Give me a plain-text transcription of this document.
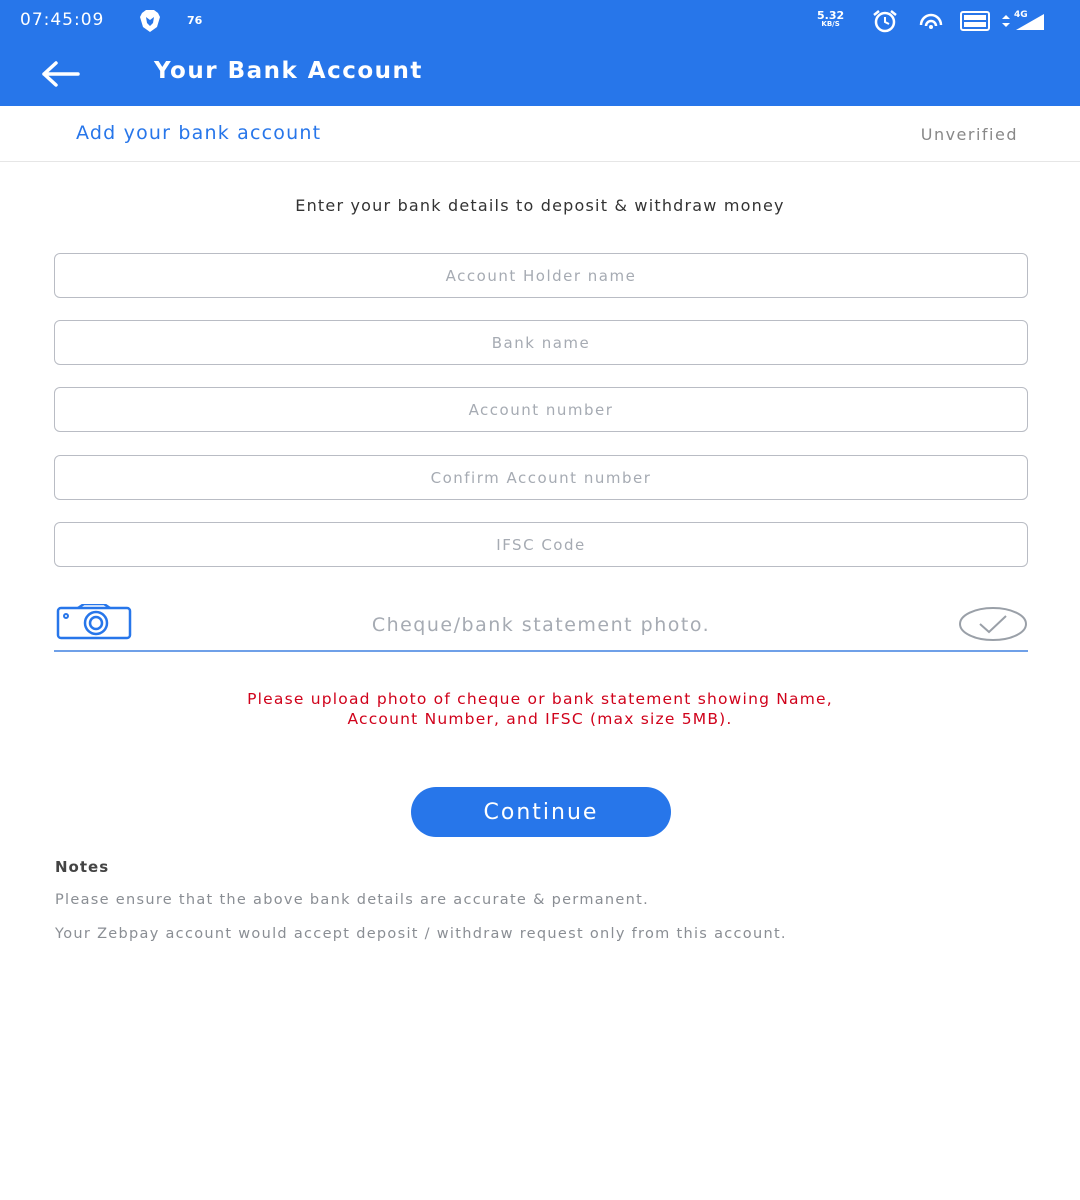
07:45:09	76	5.32
KB/S
4G
Your Bank Account
Add your bank account	Unverified

Enter your bank details to deposit & withdraw money

Account Holder name
Bank name
Account number
Confirm Account number
IFSC Code
Cheque/bank statement photo.

Please upload photo of cheque or bank statement showing Name,
Account Number, and IFSC (max size 5MB).

Continue
Notes

Please ensure that the above bank details are accurate & permanent.

Your Zebpay account would accept deposit / withdraw request only from this account.
